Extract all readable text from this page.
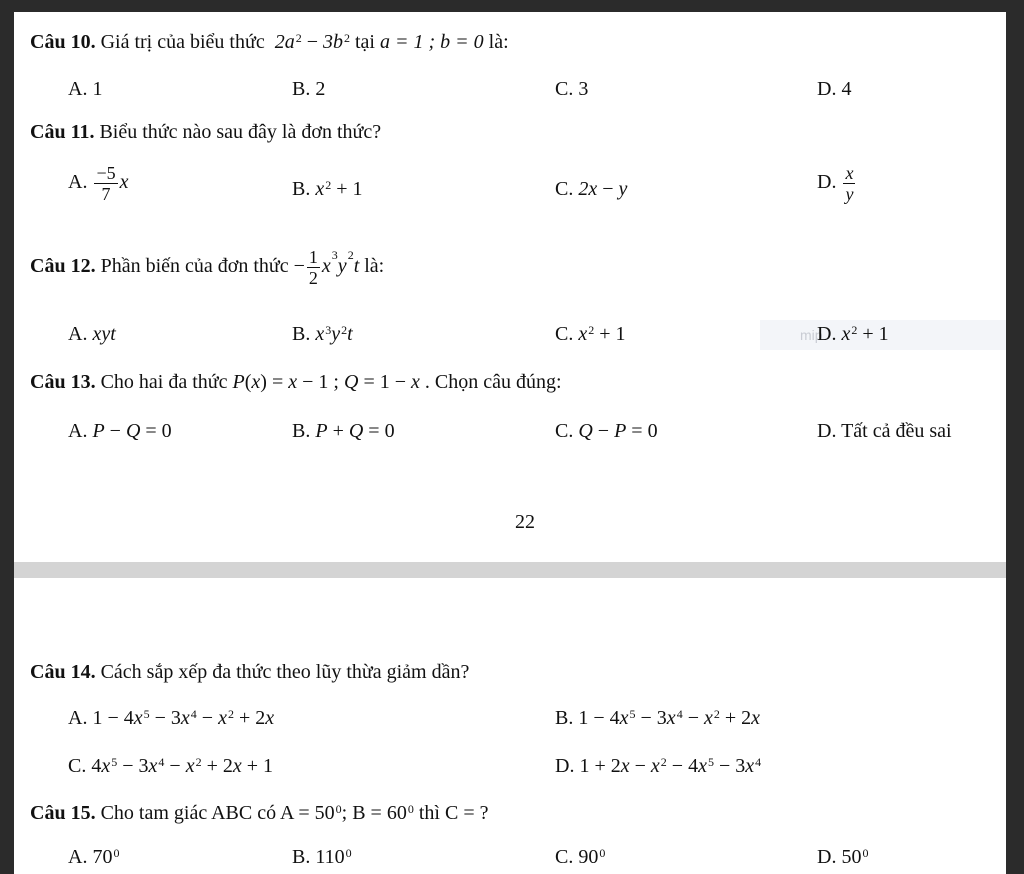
Câu 10. Giá trị của biểu thức $2a^2 - 3b^2$ tại a = 1 ; b = 0 là:
A. 1	B. 2	C. 3	D. 4
Câu 11. Biểu thức nào sau đây là đơn thức?
A. $\frac{-5}{7}$ x	B. $x^2 + 1$	C. 2x − y	D. $\frac{x}{y}$
Câu 12. Phần biến của đơn thức − $\frac{1}{2} x^3y^2t$ là:
mip
A. xyt	B. $x^3y^2t$	C. $x^2 + 1$	D. $x^2 + 1$
Câu 13. Cho hai đa thức P(x) = x − 1 ; Q = 1 − x . Chọn câu đúng:
A. P − Q = 0	B. P + Q = 0	C. Q − P = 0	D. Tất cả đều sai
22
Câu 14. Cách sắp xếp đa thức theo lũy thừa giảm dần?
A. $1 - 4x^5 - 3x^4 - x^2 + 2x$	B. $1 - 4x^5 - 3x^4 - x^2 + 2x$
C. $4x^5 - 3x^4 - x^2 + 2x + 1$	D. $1 + 2x - x^2 - 4x^5 - 3x^4$
Câu 15. Cho tam giác ABC có $A = 50^0$; $B = 60^0$ thì C = ?
A. $70^0$	B. $110^0$	C. $90^0$	D. $50^0$
